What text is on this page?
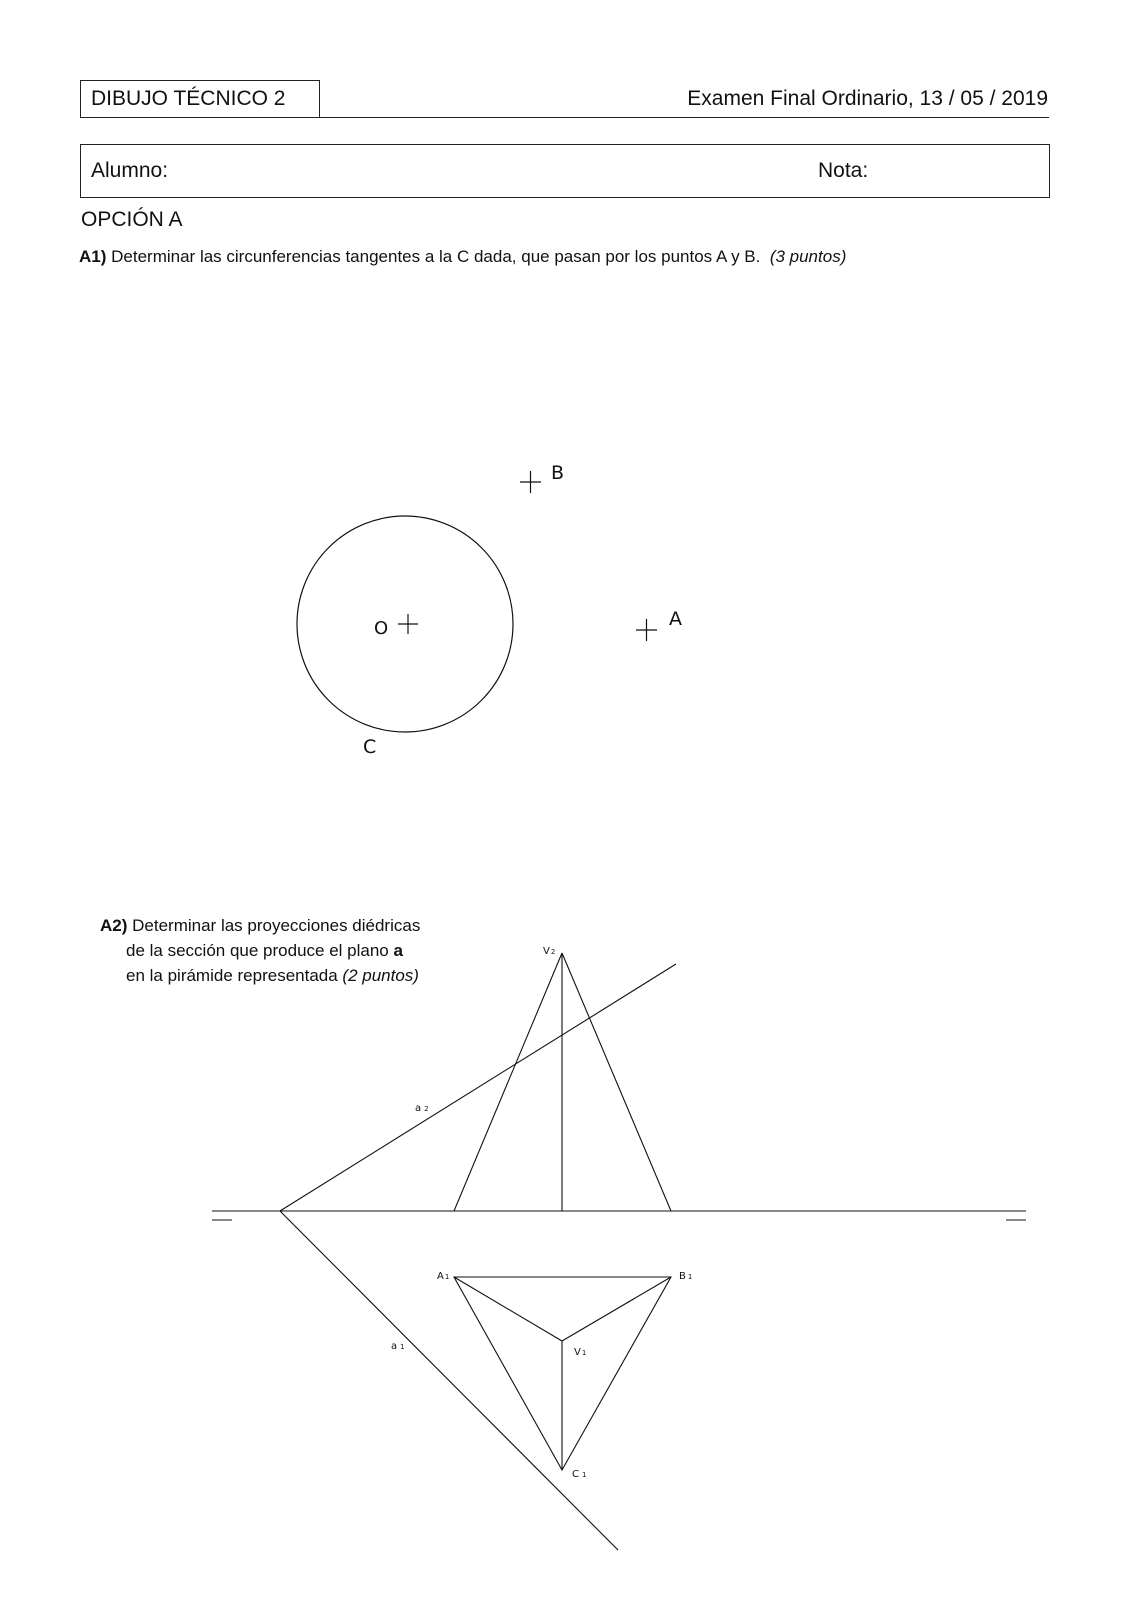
DIBUJO TÉCNICO 2	Examen Final Ordinario, 13 / 05 / 2019
Alumno:	Nota:
OPCIÓN A
A1) Determinar las circunferencias tangentes a la C dada, que pasan por los puntos A y B. (3 puntos)
A2) Determinar las proyecciones diédricas
de la sección que produce el plano a
en la pirámide representada (2 puntos)
B
A
O
C
V2
a 2
A1	B 1
V1
C 1
a 1
